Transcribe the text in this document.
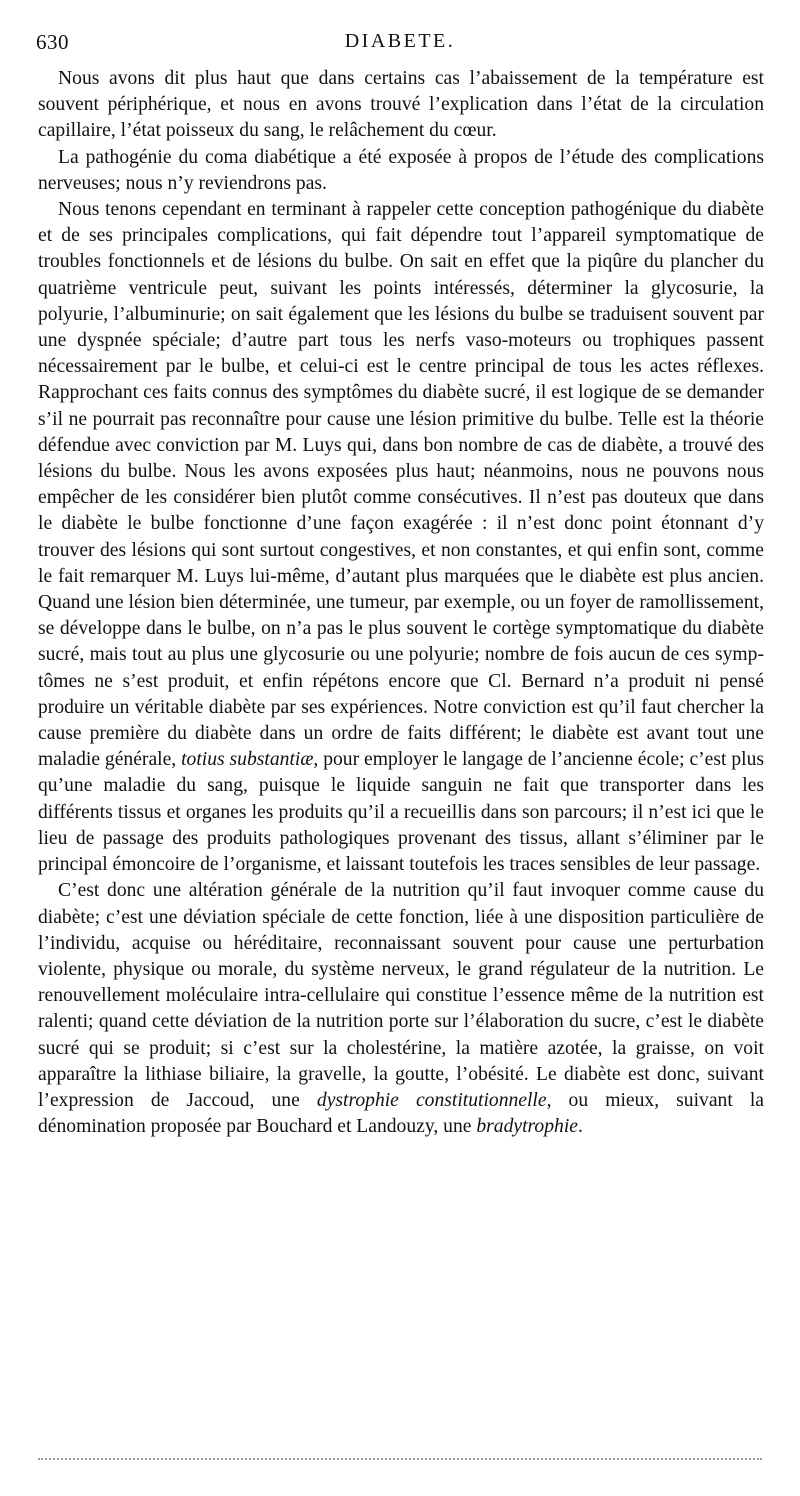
630	DIABETE.

Nous avons dit plus haut que dans certains cas l’abaissement de la température est souvent périphérique, et nous en avons trouvé l’explication dans l’état de la circulation capillaire, l’état poisseux du sang, le relâchement du cœur.

La pathogénie du coma diabétique a été exposée à propos de l’étude des complications nerveuses; nous n’y reviendrons pas.

Nous tenons cependant en terminant à rappeler cette conception pathogénique du diabète et de ses principales complications, qui fait dépendre tout l’appareil symptomatique de troubles fonctionnels et de lésions du bulbe. On sait en effet que la piqûre du plancher du quatrième ventricule peut, suivant les points intéressés, déterminer la glycosurie, la polyurie, l’albuminurie; on sait également que les lésions du bulbe se traduisent souvent par une dyspnée spéciale; d’autre part tous les nerfs vaso-moteurs ou trophiques passent nécessairement par le bulbe, et celui-ci est le centre principal de tous les actes réflexes. Rapprochant ces faits connus des symptômes du diabète sucré, il est logique de se demander s’il ne pourrait pas reconnaître pour cause une lésion primitive du bulbe. Telle est la théorie défendue avec conviction par M. Luys qui, dans bon nombre de cas de diabète, a trouvé des lésions du bulbe. Nous les avons exposées plus haut; néanmoins, nous ne pouvons nous empêcher de les considérer bien plutôt comme consécutives. Il n’est pas douteux que dans le diabète le bulbe fonctionne d’une façon exagérée : il n’est donc point étonnant d’y trouver des lésions qui sont surtout congestives, et non constantes, et qui enfin sont, comme le fait remarquer M. Luys lui-même, d’autant plus marquées que le diabète est plus ancien. Quand une lésion bien déterminée, une tumeur, par exemple, ou un foyer de ramollissement, se développe dans le bulbe, on n’a pas le plus souvent le cortège symptomatique du diabète sucré, mais tout au plus une glycosurie ou une polyurie; nombre de fois aucun de ces symptômes ne s’est produit, et enfin répétons encore que Cl. Bernard n’a produit ni pensé produire un véritable diabète par ses expériences. Notre conviction est qu’il faut chercher la cause première du diabète dans un ordre de faits différent; le diabète est avant tout une maladie générale, totius substantiæ, pour employer le langage de l’ancienne école; c’est plus qu’une maladie du sang, puisque le liquide sanguin ne fait que transporter dans les différents tissus et organes les produits qu’il a recueillis dans son parcours; il n’est ici que le lieu de passage des produits pathologiques provenant des tissus, allant s’éliminer par le principal émoncoire de l’organisme, et laissant toutefois les traces sensibles de leur passage.

C’est donc une altération générale de la nutrition qu’il faut invoquer comme cause du diabète; c’est une déviation spéciale de cette fonction, liée à une disposition particulière de l’individu, acquise ou héréditaire, reconnaissant souvent pour cause une perturbation violente, physique ou morale, du système nerveux, le grand régulateur de la nutrition. Le renouvellement moléculaire intra-cellulaire qui constitue l’essence même de la nutrition est ralenti; quand cette déviation de la nutrition porte sur l’élaboration du sucre, c’est le diabète sucré qui se produit; si c’est sur la cholestérine, la matière azotée, la graisse, on voit apparaître la lithiase biliaire, la gravelle, la goutte, l’obésité. Le diabète est donc, suivant l’expression de Jaccoud, une dystrophie constitutionnelle, ou mieux, suivant la dénomination proposée par Bouchard et Landouzy, une bradytrophie.
